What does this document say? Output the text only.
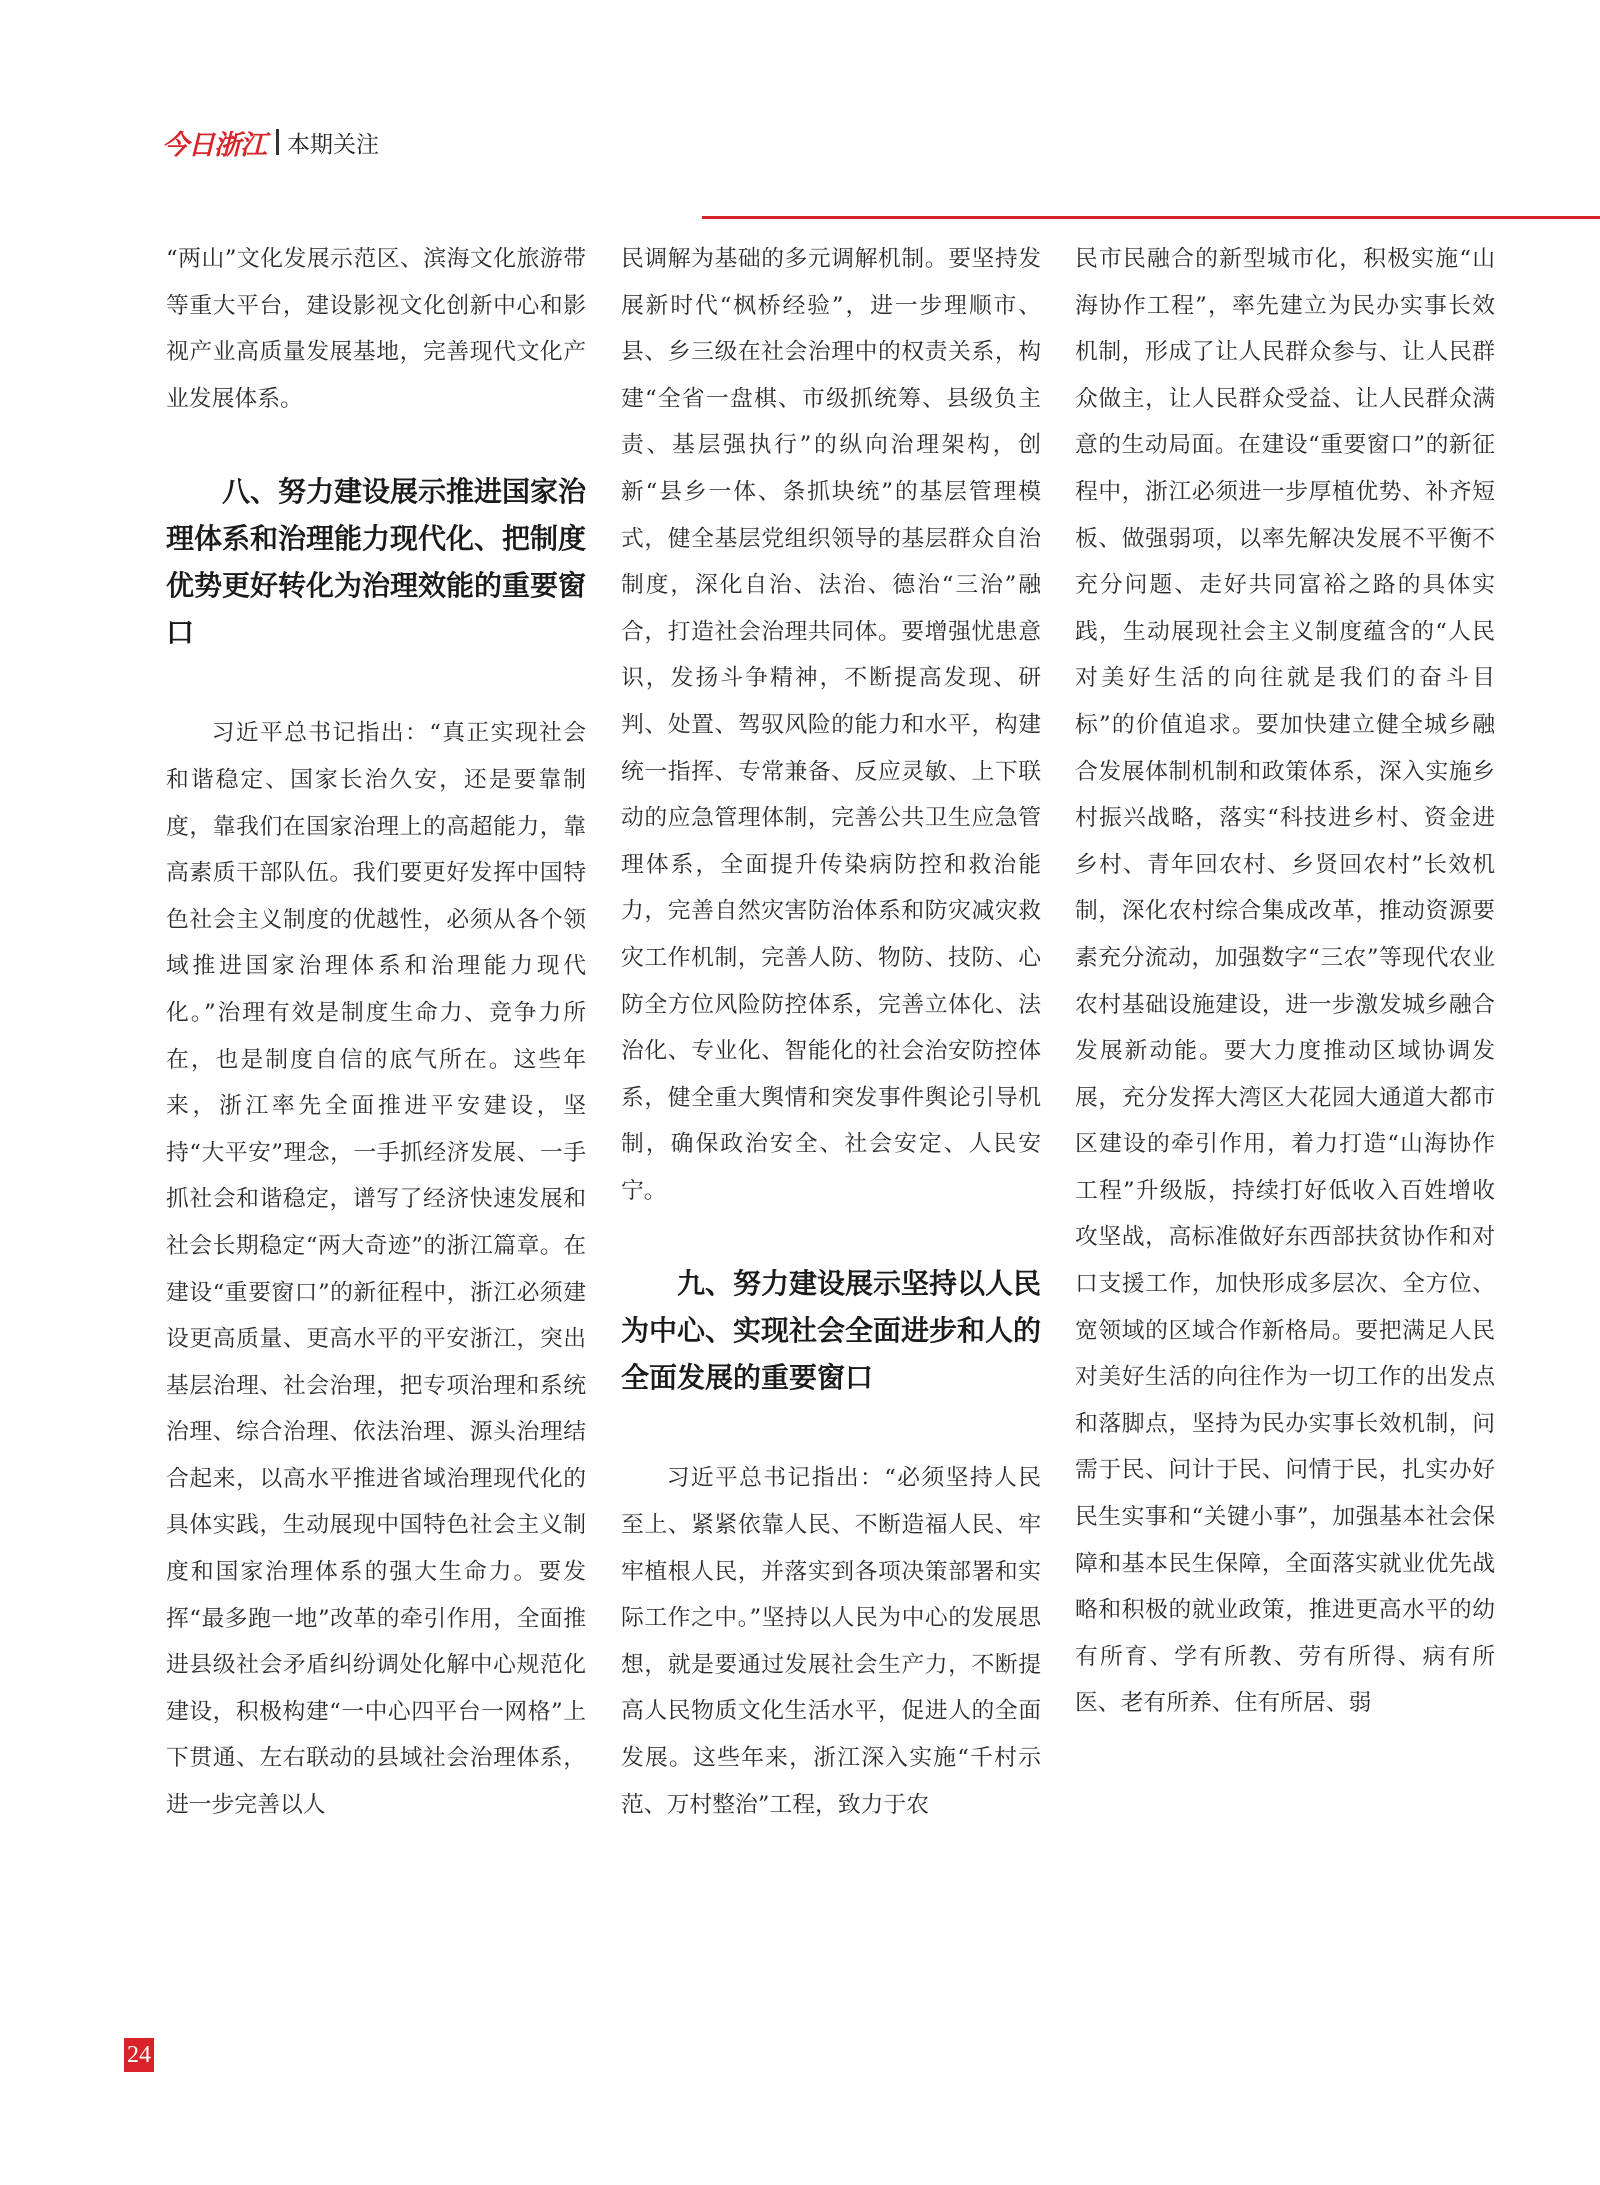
今日浙江 本期关注

“两山”文化发展示范区、滨海文化旅游带等重大平台，建设影视文化创新中心和影视产业高质量发展基地，完善现代文化产业发展体系。

八、努力建设展示推进国家治理体系和治理能力现代化、把制度优势更好转化为治理效能的重要窗口

习近平总书记指出：“真正实现社会和谐稳定、国家长治久安，还是要靠制度，靠我们在国家治理上的高超能力，靠高素质干部队伍。我们要更好发挥中国特色社会主义制度的优越性，必须从各个领域推进国家治理体系和治理能力现代化。”治理有效是制度生命力、竞争力所在，也是制度自信的底气所在。这些年来，浙江率先全面推进平安建设，坚持“大平安”理念，一手抓经济发展、一手抓社会和谐稳定，谱写了经济快速发展和社会长期稳定“两大奇迹”的浙江篇章。在建设“重要窗口”的新征程中，浙江必须建设更高质量、更高水平的平安浙江，突出基层治理、社会治理，把专项治理和系统治理、综合治理、依法治理、源头治理结合起来，以高水平推进省域治理现代化的具体实践，生动展现中国特色社会主义制度和国家治理体系的强大生命力。要发挥“最多跑一地”改革的牵引作用，全面推进县级社会矛盾纠纷调处化解中心规范化建设，积极构建“一中心四平台一网格”上下贯通、左右联动的县域社会治理体系，进一步完善以人

民调解为基础的多元调解机制。要坚持发展新时代“枫桥经验”，进一步理顺市、县、乡三级在社会治理中的权责关系，构建“全省一盘棋、市级抓统筹、县级负主责、基层强执行”的纵向治理架构，创新“县乡一体、条抓块统”的基层管理模式，健全基层党组织领导的基层群众自治制度，深化自治、法治、德治“三治”融合，打造社会治理共同体。要增强忧患意识，发扬斗争精神，不断提高发现、研判、处置、驾驭风险的能力和水平，构建统一指挥、专常兼备、反应灵敏、上下联动的应急管理体制，完善公共卫生应急管理体系，全面提升传染病防控和救治能力，完善自然灾害防治体系和防灾减灾救灾工作机制，完善人防、物防、技防、心防全方位风险防控体系，完善立体化、法治化、专业化、智能化的社会治安防控体系，健全重大舆情和突发事件舆论引导机制，确保政治安全、社会安定、人民安宁。

九、努力建设展示坚持以人民为中心、实现社会全面进步和人的全面发展的重要窗口

习近平总书记指出：“必须坚持人民至上、紧紧依靠人民、不断造福人民、牢牢植根人民，并落实到各项决策部署和实际工作之中。”坚持以人民为中心的发展思想，就是要通过发展社会生产力，不断提高人民物质文化生活水平，促进人的全面发展。这些年来，浙江深入实施“千村示范、万村整治”工程，致力于农

民市民融合的新型城市化，积极实施“山海协作工程”，率先建立为民办实事长效机制，形成了让人民群众参与、让人民群众做主，让人民群众受益、让人民群众满意的生动局面。在建设“重要窗口”的新征程中，浙江必须进一步厚植优势、补齐短板、做强弱项，以率先解决发展不平衡不充分问题、走好共同富裕之路的具体实践，生动展现社会主义制度蕴含的“人民对美好生活的向往就是我们的奋斗目标”的价值追求。要加快建立健全城乡融合发展体制机制和政策体系，深入实施乡村振兴战略，落实“科技进乡村、资金进乡村、青年回农村、乡贤回农村”长效机制，深化农村综合集成改革，推动资源要素充分流动，加强数字“三农”等现代农业农村基础设施建设，进一步激发城乡融合发展新动能。要大力度推动区域协调发展，充分发挥大湾区大花园大通道大都市区建设的牵引作用，着力打造“山海协作工程”升级版，持续打好低收入百姓增收攻坚战，高标准做好东西部扶贫协作和对口支援工作，加快形成多层次、全方位、宽领域的区域合作新格局。要把满足人民对美好生活的向往作为一切工作的出发点和落脚点，坚持为民办实事长效机制，问需于民、问计于民、问情于民，扎实办好民生实事和“关键小事”，加强基本社会保障和基本民生保障，全面落实就业优先战略和积极的就业政策，推进更高水平的幼有所育、学有所教、劳有所得、病有所医、老有所养、住有所居、弱

24
